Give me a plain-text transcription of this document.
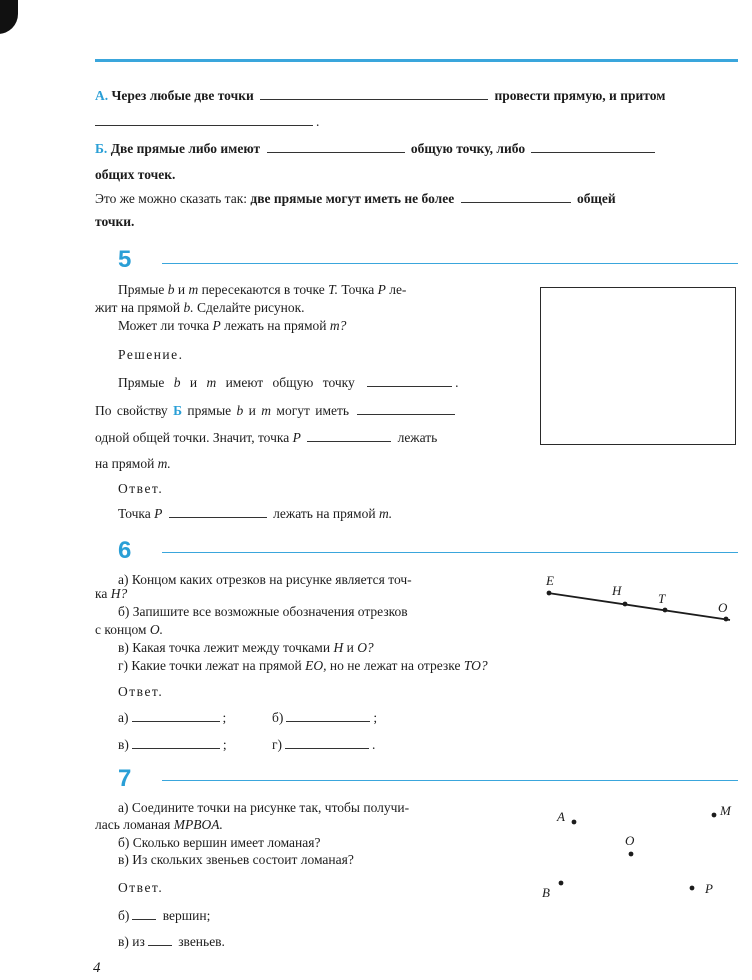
А. Через любые две точки	провести прямую, и притом
.
Б. Две прямые либо имеют	общую точку, либо
общих точек.
Это же можно сказать так: две прямые могут иметь не более	общей
точки.
5
Прямые b и m пересекаются в точке T. Точка P ле-
жит на прямой b. Сделайте рисунок.
Может ли точка P лежать на прямой m?
Решение.
Прямые b и m имеют общую точку	.
По свойству Б прямые b и m могут иметь
одной общей точки. Значит, точка P	лежать
на прямой m.
Ответ.
Точка P	лежать на прямой m.
6
а) Концом каких отрезков на рисунке является точ-
ка H?
б) Запишите все возможные обозначения отрезков
с концом O.
в) Какая точка лежит между точками H и O?
г) Какие точки лежат на прямой EO, но не лежат на отрезке TO?
Ответ.
а)	;	б)	;
в)	;	г)	.
E
H
T
O
7
а) Соедините точки на рисунке так, чтобы получи-
лась ломаная MPBOA.
б) Сколько вершин имеет ломаная?
в) Из скольких звеньев состоит ломаная?
Ответ.
б) вершин;
в) из звеньев.
A	M
O
B	P
4
